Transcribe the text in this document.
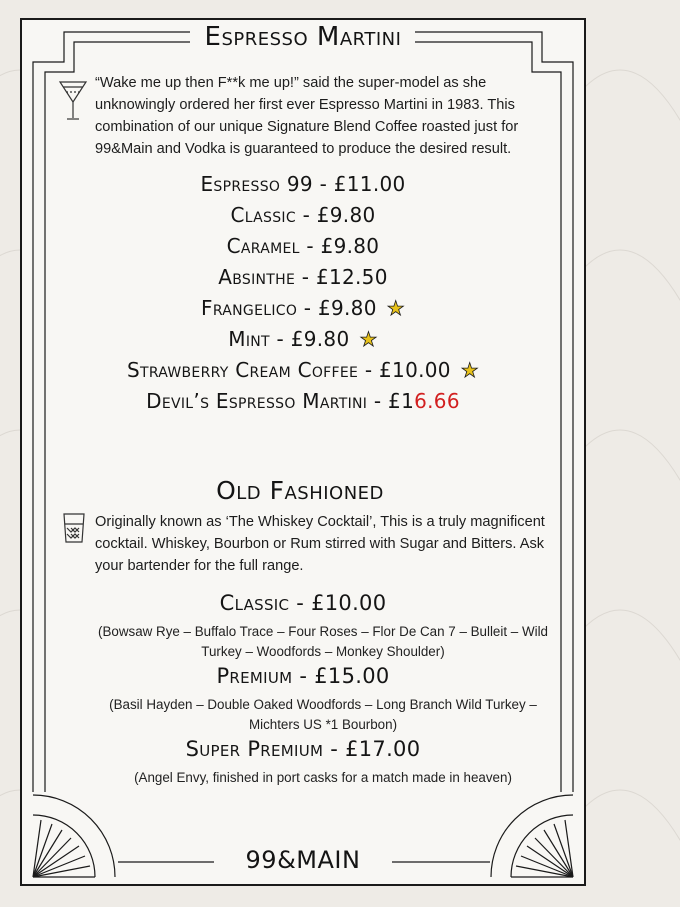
Espresso Martini
“Wake me up then F**k me up!” said the super-model as she unknowingly ordered her first ever Espresso Martini in 1983. This combination of our unique Signature Blend Coffee roasted just for 99&Main and Vodka is guaranteed to produce the desired result.
Espresso 99 - £11.00
Classic - £9.80
Caramel - £9.80
Absinthe - £12.50
Frangelico - £9.80 ★
Mint - £9.80 ★
Strawberry Cream Coffee - £10.00 ★
Devil’s Espresso Martini - £16.66
Old Fashioned
Originally known as ‘The Whiskey Cocktail’, This is a truly magnificent cocktail. Whiskey, Bourbon or Rum stirred with Sugar and Bitters. Ask your bartender for the full range.
Classic - £10.00
(Bowsaw Rye – Buffalo Trace – Four Roses – Flor De Can 7 – Bulleit – Wild Turkey – Woodfords – Monkey Shoulder)
Premium - £15.00
(Basil Hayden – Double Oaked Woodfords – Long Branch Wild Turkey – Michters US *1 Bourbon)
Super Premium - £17.00
(Angel Envy, finished in port casks for a match made in heaven)
99&MAIN
